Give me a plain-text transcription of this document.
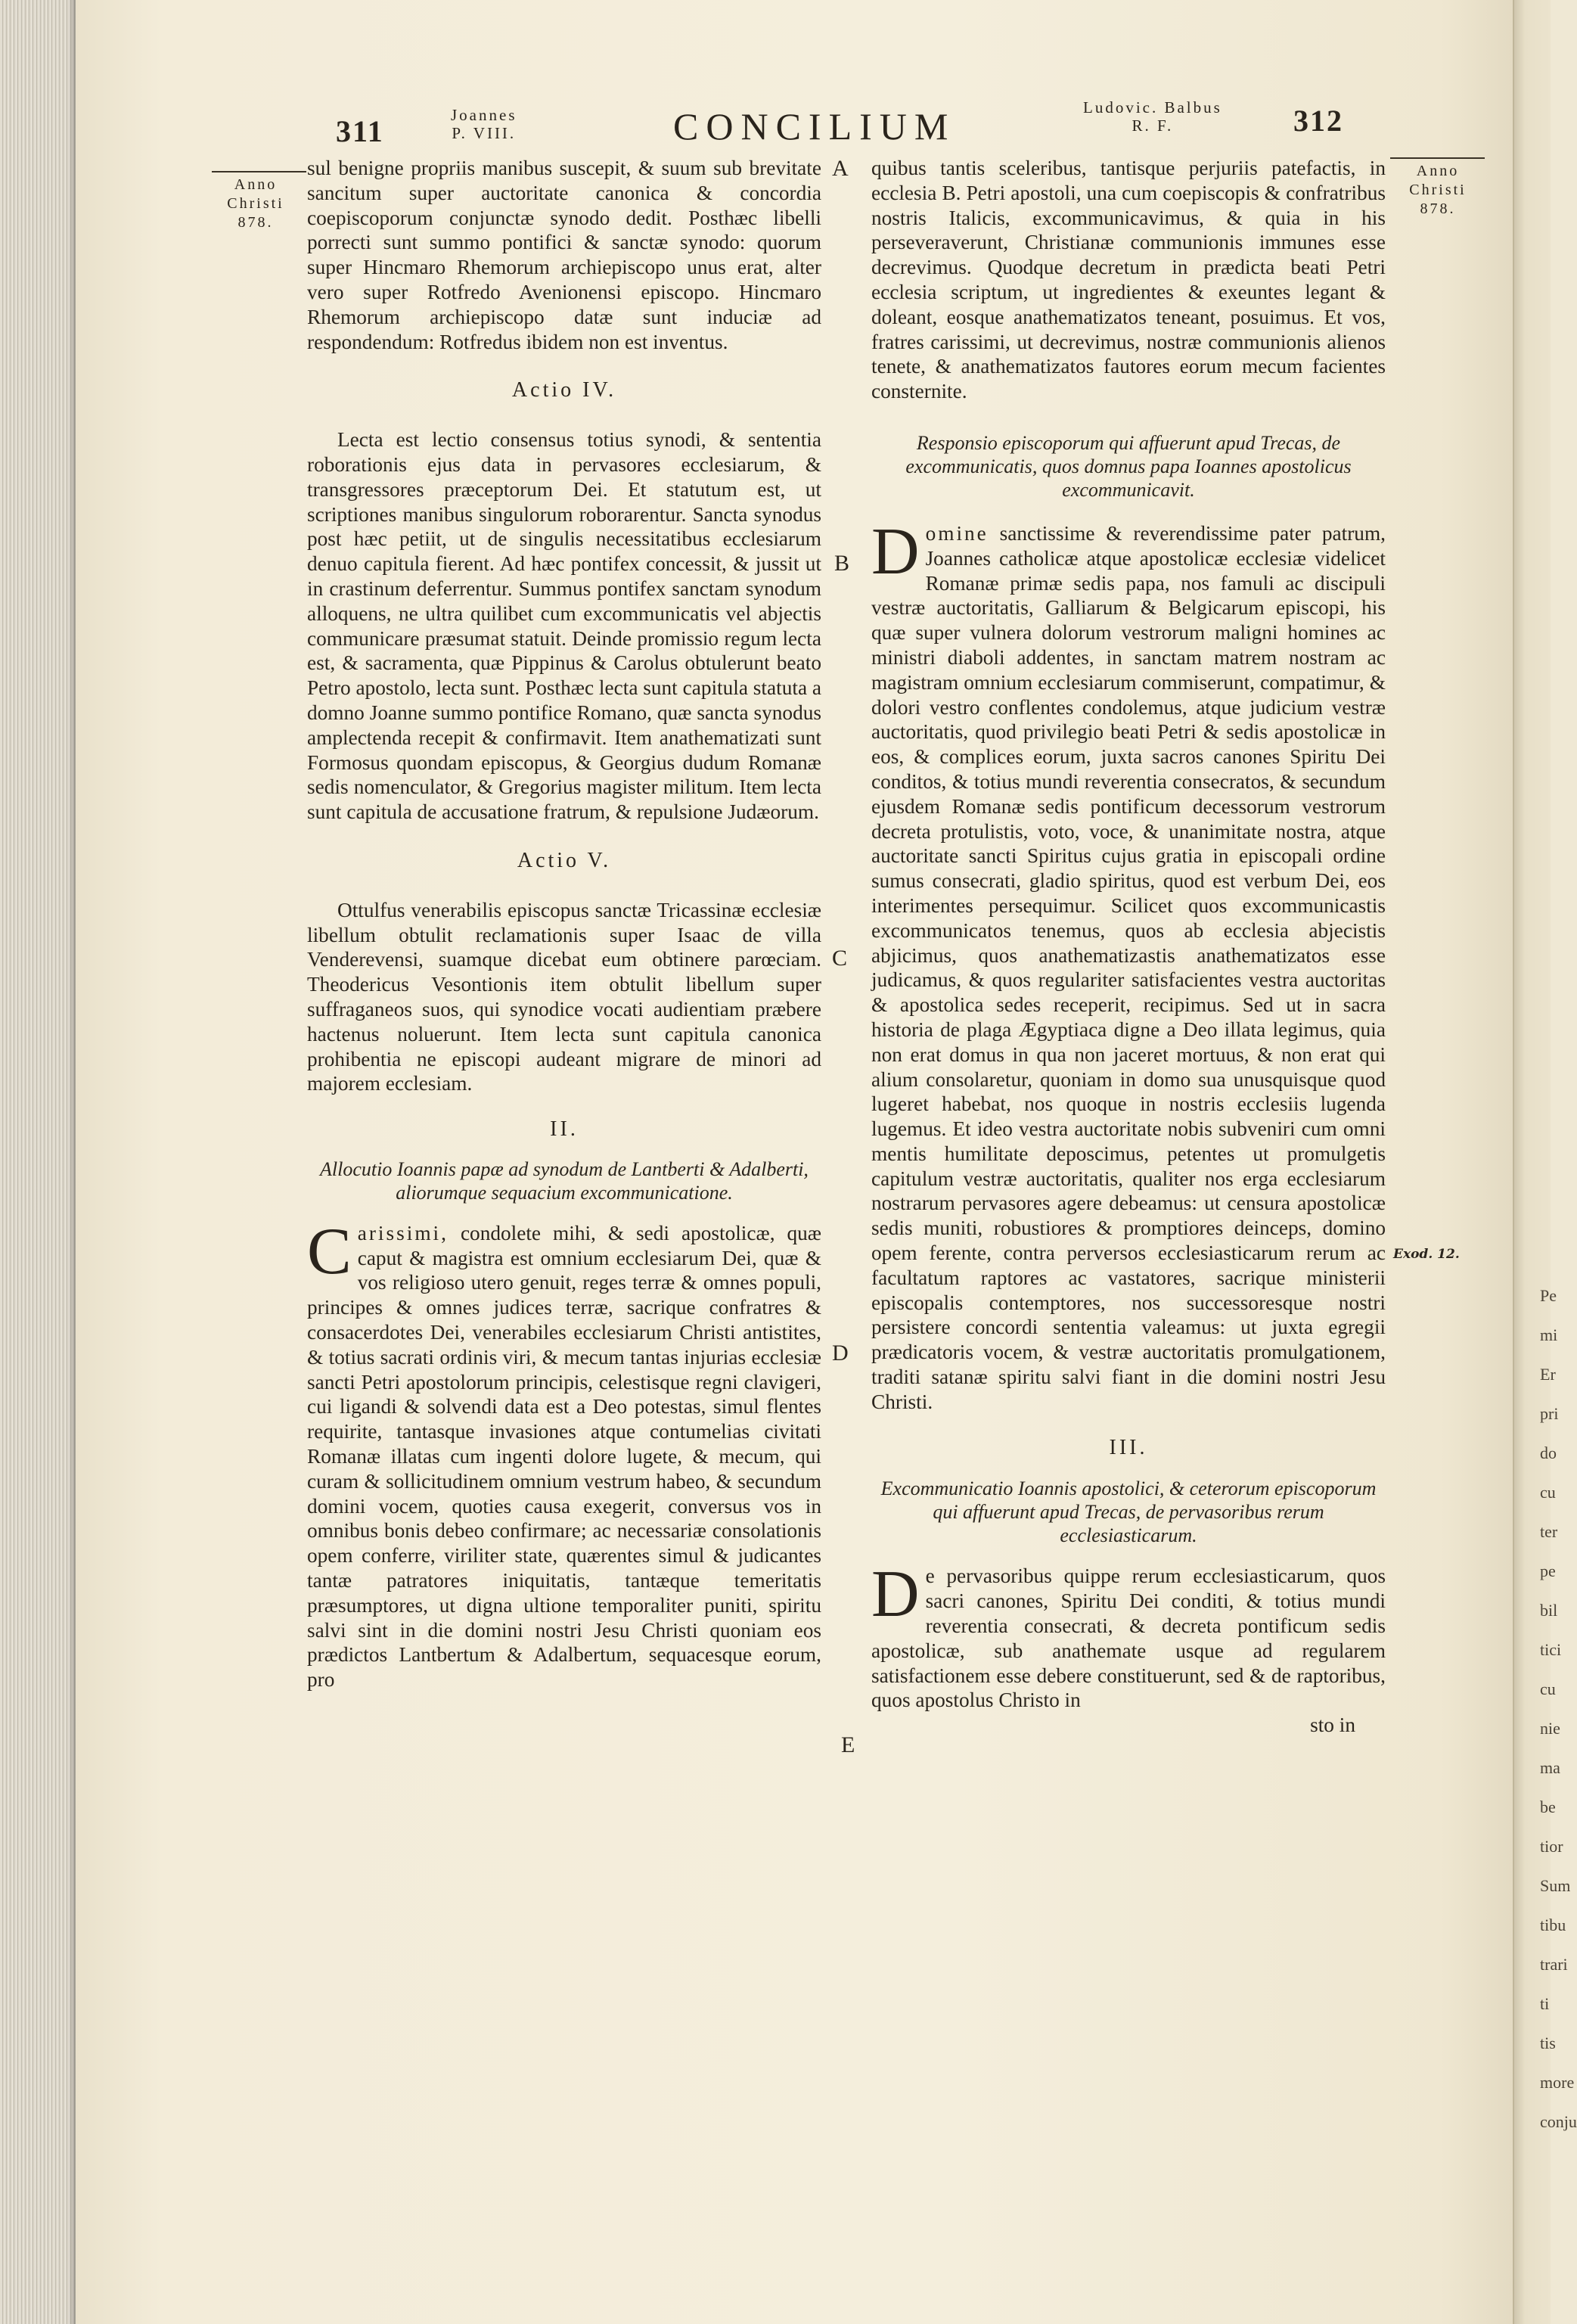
Pe
mi
Er
pri
do
cu
ter
pe
bil
tici
cu
nie
ma
be
tior
Sum
tibu
trari
ti
tis
more
conju
311	Joannes
P. VIII.	CONCILIUM	Ludovic. Balbus
R. F.	312
Anno
Christi
878.
Anno
Christi
878.
Exod. 12.
A
B
C
D
E

sul benigne propriis manibus suscepit, & suum sub brevitate sancitum super auctoritate canonica & concordia coepiscoporum conjunctæ synodo dedit. Posthæc libelli porrecti sunt summo pontifici & sanctæ synodo: quorum super Hincmaro Rhemorum archiepiscopo unus erat, alter vero super Rotfredo Avenionensi episcopo. Hincmaro Rhemorum archiepiscopo datæ sunt induciæ ad respondendum: Rotfredus ibidem non est inventus.

Actio IV.

Lecta est lectio consensus totius synodi, & sententia roborationis ejus data in pervasores ecclesiarum, & transgressores præceptorum Dei. Et statutum est, ut scriptiones manibus singulorum roborarentur. Sancta synodus post hæc petiit, ut de singulis necessitatibus ecclesiarum denuo capitula fierent. Ad hæc pontifex concessit, & jussit ut in crastinum deferrentur. Summus pontifex sanctam synodum alloquens, ne ultra quilibet cum excommunicatis vel abjectis communicare præsumat statuit. Deinde promissio regum lecta est, & sacramenta, quæ Pippinus & Carolus obtulerunt beato Petro apostolo, lecta sunt. Posthæc lecta sunt capitula statuta a domno Joanne summo pontifice Romano, quæ sancta synodus amplectenda recepit & confirmavit. Item anathematizati sunt Formosus quondam episcopus, & Georgius dudum Romanæ sedis nomenculator, & Gregorius magister militum. Item lecta sunt capitula de accusatione fratrum, & repulsione Judæorum.

Actio V.

Ottulfus venerabilis episcopus sanctæ Tricassinæ ecclesiæ libellum obtulit reclamationis super Isaac de villa Venderevensi, suamque dicebat eum obtinere parœciam. Theodericus Vesontionis item obtulit libellum super suffraganeos suos, qui synodice vocati audientiam præbere hactenus noluerunt. Item lecta sunt capitula canonica prohibentia ne episcopi audeant migrare de minori ad majorem ecclesiam.

II.
Allocutio Ioannis papæ ad synodum de Lantberti & Adalberti, aliorumque sequacium excommunicatione.

Carissimi, condolete mihi, & sedi apostolicæ, quæ caput & magistra est omnium ecclesiarum Dei, quæ & vos religioso utero genuit, reges terræ & omnes populi, principes & omnes judices terræ, sacrique confratres & consacerdotes Dei, venerabiles ecclesiarum Christi antistites, & totius sacrati ordinis viri, & mecum tantas injurias ecclesiæ sancti Petri apostolorum principis, celestisque regni clavigeri, cui ligandi & solvendi data est a Deo potestas, simul flentes requirite, tantasque invasiones atque contumelias civitati Romanæ illatas cum ingenti dolore lugete, & mecum, qui curam & sollicitudinem omnium vestrum habeo, & secundum domini vocem, quoties causa exegerit, conversus vos in omnibus bonis debeo confirmare; ac necessariæ consolationis opem conferre, viriliter state, quærentes simul & judicantes tantæ patratores iniquitatis, tantæque temeritatis præsumptores, ut digna ultione temporaliter puniti, spiritu salvi sint in die domini nostri Jesu Christi quoniam eos prædictos Lantbertum & Adalbertum, sequacesque eorum, pro

quibus tantis sceleribus, tantisque perjuriis patefactis, in ecclesia B. Petri apostoli, una cum coepiscopis & confratribus nostris Italicis, excommunicavimus, & quia in his perseveraverunt, Christianæ communionis immunes esse decrevimus. Quodque decretum in prædicta beati Petri ecclesia scriptum, ut ingredientes & exeuntes legant & doleant, eosque anathematizatos teneant, posuimus. Et vos, fratres carissimi, ut decrevimus, nostræ communionis alienos tenete, & anathematizatos fautores eorum mecum facientes consternite.

Responsio episcoporum qui affuerunt apud Trecas, de excommunicatis, quos domnus papa Ioannes apostolicus excommunicavit.

Domine sanctissime & reverendissime pater patrum, Joannes catholicæ atque apostolicæ ecclesiæ videlicet Romanæ primæ sedis papa, nos famuli ac discipuli vestræ auctoritatis, Galliarum & Belgicarum episcopi, his quæ super vulnera dolorum vestrorum maligni homines ac ministri diaboli addentes, in sanctam matrem nostram ac magistram omnium ecclesiarum commiserunt, compatimur, & dolori vestro conflentes condolemus, atque judicium vestræ auctoritatis, quod privilegio beati Petri & sedis apostolicæ in eos, & complices eorum, juxta sacros canones Spiritu Dei conditos, & totius mundi reverentia consecratos, & secundum ejusdem Romanæ sedis pontificum decessorum vestrorum decreta protulistis, voto, voce, & unanimitate nostra, atque auctoritate sancti Spiritus cujus gratia in episcopali ordine sumus consecrati, gladio spiritus, quod est verbum Dei, eos interimentes persequimur. Scilicet quos excommunicastis excommunicatos tenemus, quos ab ecclesia abjecistis abjicimus, quos anathematizastis anathematizatos esse judicamus, & quos regulariter satisfacientes vestra auctoritas & apostolica sedes receperit, recipimus. Sed ut in sacra historia de plaga Ægyptiaca digne a Deo illata legimus, quia non erat domus in qua non jaceret mortuus, & non erat qui alium consolaretur, quoniam in domo sua unusquisque quod lugeret habebat, nos quoque in nostris ecclesiis lugenda lugemus. Et ideo vestra auctoritate nobis subveniri cum omni mentis humilitate deposcimus, petentes ut promulgetis capitulum vestræ auctoritatis, qualiter nos erga ecclesiarum nostrarum pervasores agere debeamus: ut censura apostolicæ sedis muniti, robustiores & promptiores deinceps, domino opem ferente, contra perversos ecclesiasticarum rerum ac facultatum raptores ac vastatores, sacrique ministerii episcopalis contemptores, nos successoresque nostri persistere concordi sententia valeamus: ut juxta egregii prædicatoris vocem, & vestræ auctoritatis promulgationem, traditi satanæ spiritu salvi fiant in die domini nostri Jesu Christi.

III.
Excommunicatio Ioannis apostolici, & ceterorum episcoporum qui affuerunt apud Trecas, de pervasoribus rerum ecclesiasticarum.

De pervasoribus quippe rerum ecclesiasticarum, quos sacri canones, Spiritu Dei conditi, & totius mundi reverentia consecrati, & decreta pontificum sedis apostolicæ, sub anathemate usque ad regularem satisfactionem esse debere constituerunt, sed & de raptoribus, quos apostolus Christo in

sto in
